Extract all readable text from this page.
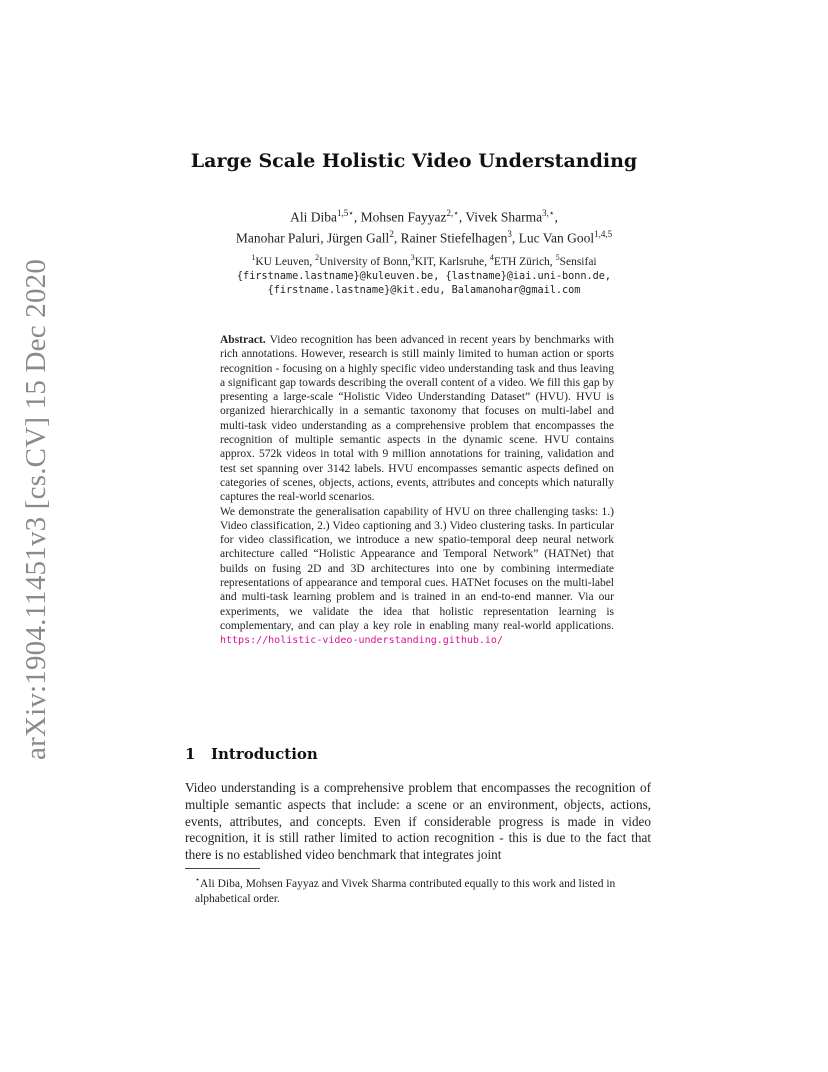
arXiv:1904.11451v3 [cs.CV] 15 Dec 2020
Large Scale Holistic Video Understanding
Ali Diba$^{1,5⋆}$, Mohsen Fayyaz$^{2,⋆}$, Vivek Sharma$^{3,⋆}$,
Manohar Paluri, Jürgen Gall$^2$, Rainer Stiefelhagen$^3$, Luc Van Gool$^{1,4,5}$
$^1$KU Leuven, $^2$University of Bonn,$^3$KIT, Karlsruhe, $^4$ETH Zürich, $^5$Sensifai
{firstname.lastname}@kuleuven.be, {lastname}@iai.uni-bonn.de,
{firstname.lastname}@kit.edu, Balamanohar@gmail.com

Abstract. Video recognition has been advanced in recent years by benchmarks with rich annotations. However, research is still mainly limited to human action or sports recognition - focusing on a highly specific video understanding task and thus leaving a significant gap towards describing the overall content of a video. We fill this gap by presenting a large-scale “Holistic Video Understanding Dataset” (HVU). HVU is organized hierarchically in a semantic taxonomy that focuses on multi-label and multi-task video understanding as a comprehensive problem that encompasses the recognition of multiple semantic aspects in the dynamic scene. HVU contains approx. 572k videos in total with 9 million annotations for training, validation and test set spanning over 3142 labels. HVU encompasses semantic aspects defined on categories of scenes, objects, actions, events, attributes and concepts which naturally captures the real-world scenarios.

We demonstrate the generalisation capability of HVU on three challenging tasks: 1.) Video classification, 2.) Video captioning and 3.) Video clustering tasks. In particular for video classification, we introduce a new spatio-temporal deep neural network architecture called “Holistic Appearance and Temporal Network” (HATNet) that builds on fusing 2D and 3D architectures into one by combining intermediate representations of appearance and temporal cues. HATNet focuses on the multi-label and multi-task learning problem and is trained in an end-to-end manner. Via our experiments, we validate the idea that holistic representation learning is complementary, and can play a key role in enabling many real-world applications. https://holistic-video-understanding.github.io/

1 Introduction

Video understanding is a comprehensive problem that encompasses the recognition of multiple semantic aspects that include: a scene or an environment, objects, actions, events, attributes, and concepts. Even if considerable progress is made in video recognition, it is still rather limited to action recognition - this is due to the fact that there is no established video benchmark that integrates joint

⋆Ali Diba, Mohsen Fayyaz and Vivek Sharma contributed equally to this work and listed in alphabetical order.
